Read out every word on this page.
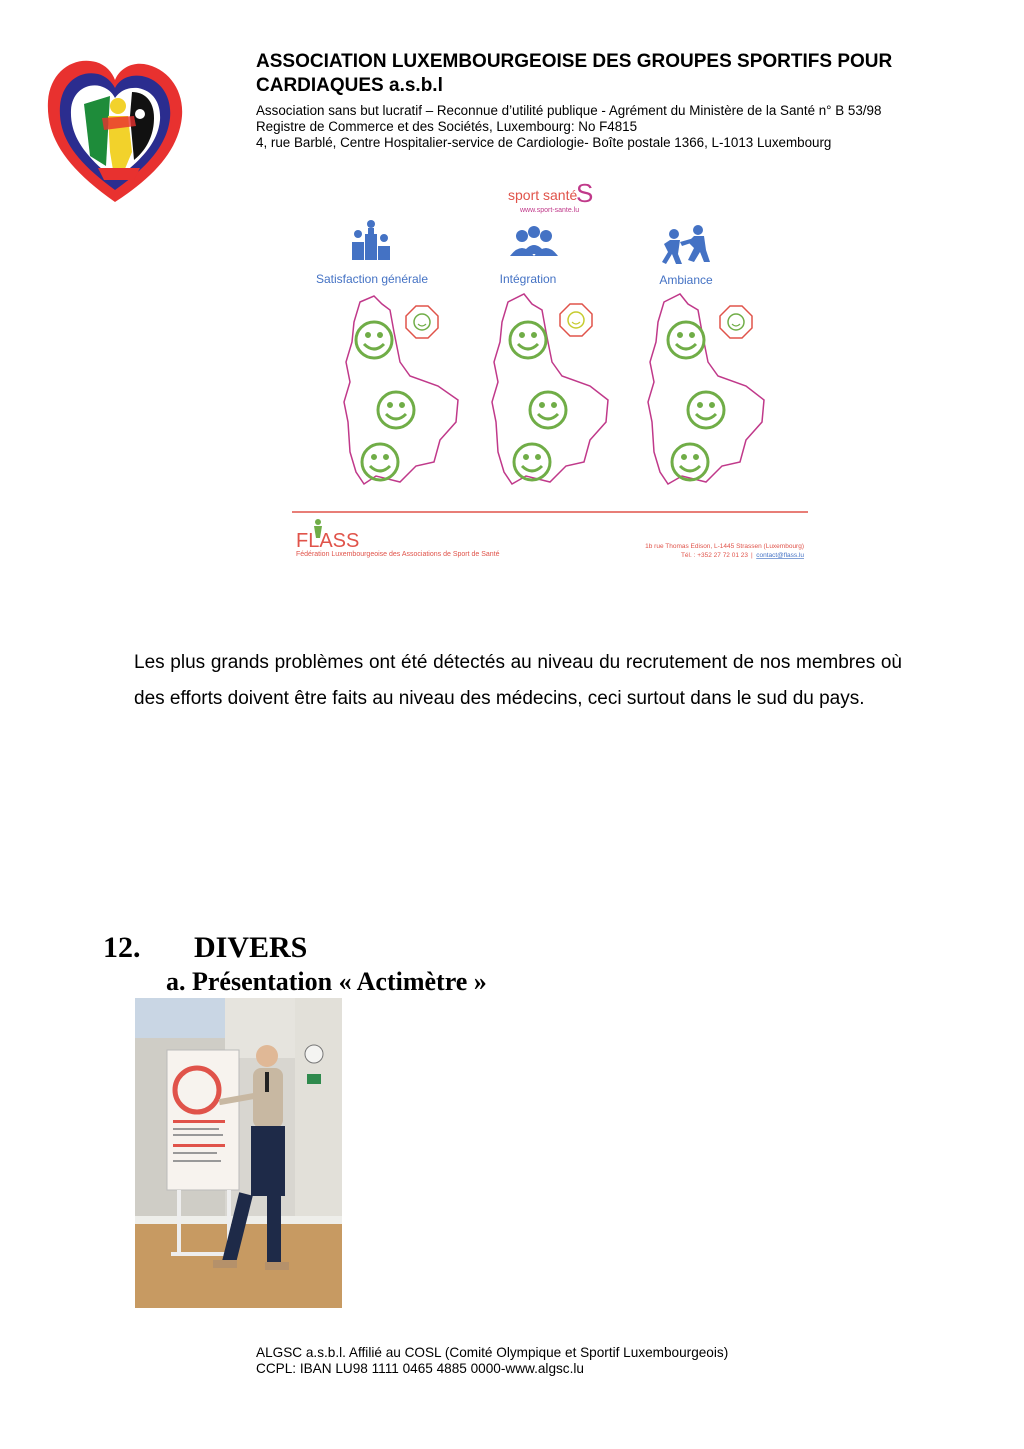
ASSOCIATION LUXEMBOURGEOISE DES GROUPES SPORTIFS POUR CARDIAQUES a.s.b.l
Association sans but lucratif – Reconnue d’utilité publique - Agrément du Ministère de la Santé n° B 53/98
Registre de Commerce et des Sociétés, Luxembourg: No F4815
4, rue Barblé, Centre Hospitalier-service de Cardiologie- Boîte postale 1366, L-1013 Luxembourg
sport santé
S
www.sport-sante.lu
Satisfaction générale	Intégration	Ambiance
FLASS
Fédération Luxembourgeoise des Associations de Sport de Santé
1b rue Thomas Edison, L-1445 Strassen (Luxembourg)
Tél. : +352 27 72 01 23 contact@flass.lu
|
Les plus grands problèmes ont été détectés au niveau du recrutement de nos membres où des efforts doivent être faits au niveau des médecins, ceci surtout dans le sud du pays.
12. DIVERS
a. Présentation « Actimètre »
ALGSC a.s.b.l. Affilié au COSL (Comité Olympique et Sportif Luxembourgeois)
CCPL: IBAN LU98 1111 0465 4885 0000-www.algsc.lu
